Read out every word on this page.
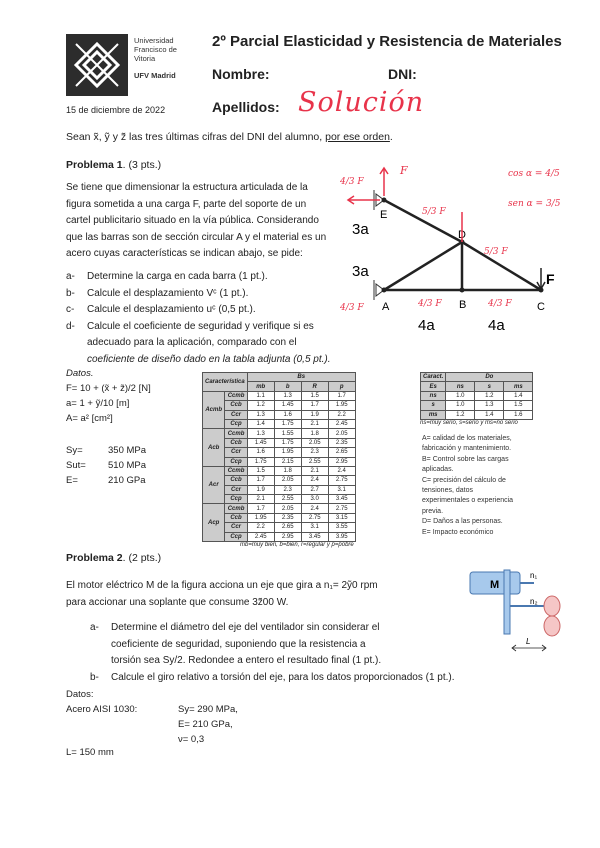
Universidad
Francisco de
Vitoria
UFV Madrid
2º Parcial Elasticidad y Resistencia de Materiales
Nombre:	DNI:
Apellidos: Solución
15 de diciembre de 2022
Sean x̃, ỹ y z̃ las tres últimas cifras del DNI del alumno, por ese orden.
Problema 1. (3 pts.)
Se tiene que dimensionar la estructura articulada de la
figura sometida a una carga F, parte del soporte de un
cartel publicitario situado en la vía pública. Considerando
que las barras son de sección circular A y el material es un
acero cuyas características se indican abajo, se pide:
a- Determine la carga en cada barra (1 pt.).
b- Calcule el desplazamiento Vᶜ (1 pt.).
c- Calcule el desplazamiento uᶜ (0,5 pt.).
d- Calcule el coeficiente de seguridad y verifique si es
adecuado para la aplicación, comparado con el
coeficiente de diseño dado en la tabla adjunta (0,5 pt.).
E
D
A	B	C
F
3a
3a
4a	4a
cos α = 4/5
sen α = 3/5
4/3 F
F
5/3 F
5/3 F
4/3 F	4/3 F	4/3 F
Datos.
F= 10 + (x̃ + z̃)/2 [N]
a= 1 + ỹ/10 [m]
A= a² [cm²]
Sy=	350 MPa
Sut= 510 MPa
E=	210 GPa
Característica		Bs			
		mb	b	R	p
Acmb	Ccmb	1.1	1.3	1.5	1.7
	Ccb	1.2	1.45	1.7	1.95
	Ccr	1.3	1.6	1.9	2.2
	Ccp	1.4	1.75	2.1	2.45
Acb	Ccmb	1.3	1.55	1.8	2.05
	Ccb	1.45	1.75	2.05	2.35
	Ccr	1.6	1.95	2.3	2.65
	Ccp	1.75	2.15	2.55	2.95
Acr	Ccmb	1.5	1.8	2.1	2.4
	Ccb	1.7	2.05	2.4	2.75
	Ccr	1.9	2.3	2.7	3.1
	Ccp	2.1	2.55	3.0	3.45
Acp	Ccmb	1.7	2.05	2.4	2.75
	Ccb	1.95	2.35	2.75	3.15
	Ccr	2.2	2.65	3.1	3.55
	Ccp	2.45	2.95	3.45	3.95
mb=muy bien, b=bien, r=regular y p=pobre
Caract.	Do		
Es	ns	s	ms
ns	1.0	1.2	1.4
s	1.0	1.3	1.5
ms	1.2	1.4	1.6
ns=muy serio, s=serio y ms=no serio
A= calidad de los materiales,
fabricación y mantenimiento.
B= Control sobre las cargas
aplicadas.
C= precisión del cálculo de
tensiones, datos
experimentales o experiencia
previa.
D= Daños a las personas.
E= Impacto económico
Problema 2. (2 pts.)
El motor eléctrico M de la figura acciona un eje que gira a n₁= 2ỹ0 rpm
para accionar una soplante que consume 3z̃00 W.
a- Determine el diámetro del eje del ventilador sin considerar el
coeficiente de seguridad, suponiendo que la resistencia a
torsión sea Sy/2. Redondee a entero el resultado final (1 pt.).
b- Calcule el giro relativo a torsión del eje, para los datos proporcionados (1 pt.).
Datos:
Acero AISI 1030:	Sy= 290 MPa,
E= 210 GPa,
ν= 0,3
L= 150 mm
M
n₁
n₂
L
